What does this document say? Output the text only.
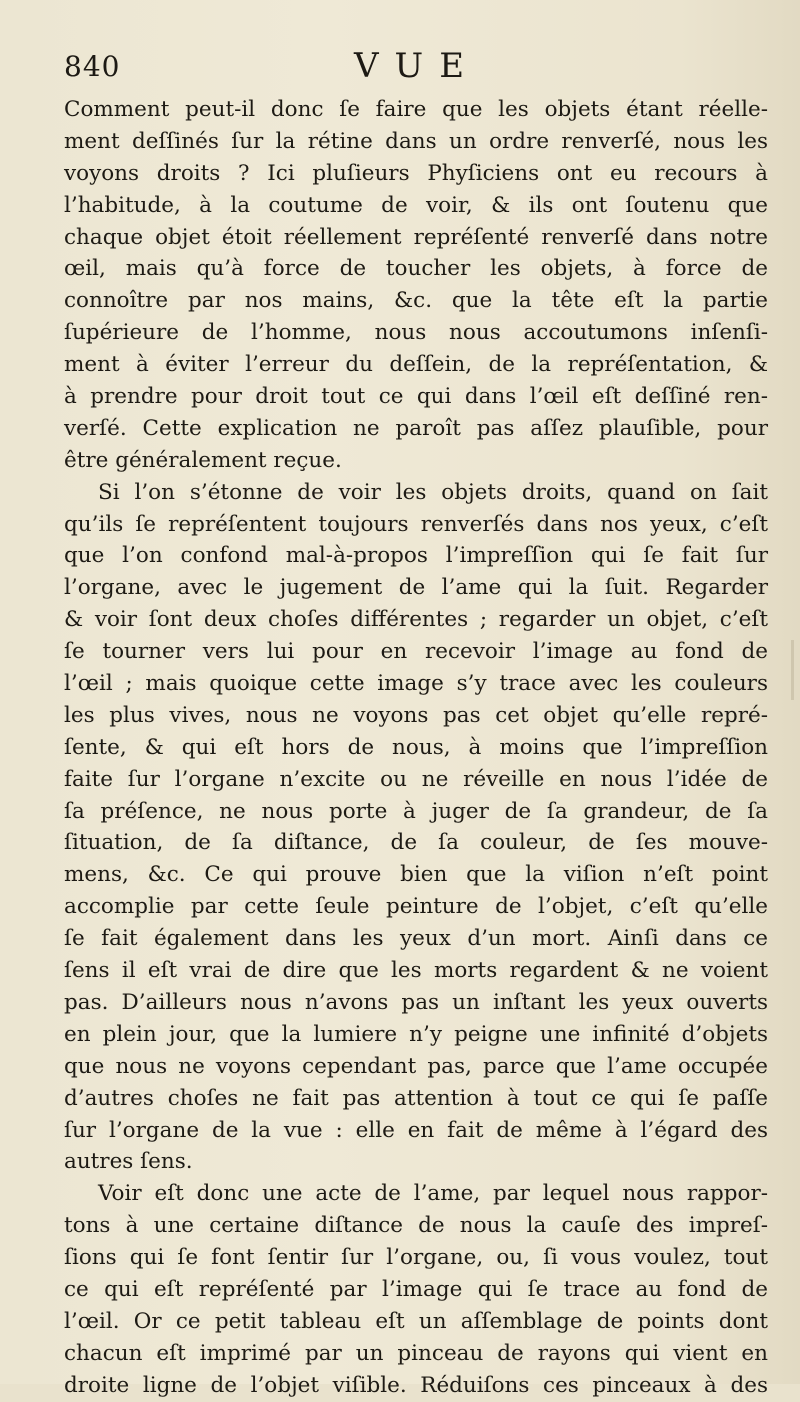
840	VUE
Comment peut-il donc ſe faire que les objets étant réelle-
ment deſſinés ſur la rétine dans un ordre renverſé, nous les
voyons droits ? Ici pluſieurs Phyſiciens ont eu recours à
l’habitude, à la coutume de voir, & ils ont ſoutenu que
chaque objet étoit réellement repréſenté renverſé dans notre
œil, mais qu’à force de toucher les objets, à force de
connoître par nos mains, &c. que la tête eſt la partie
ſupérieure de l’homme, nous nous accoutumons inſenſi-
ment à éviter l’erreur du deſſein, de la repréſentation, &
à prendre pour droit tout ce qui dans l’œil eſt deſſiné ren-
verſé. Cette explication ne paroît pas aſſez plauſible, pour
être généralement reçue.
Si l’on s’étonne de voir les objets droits, quand on ſait
qu’ils ſe repréſentent toujours renverſés dans nos yeux, c’eſt
que l’on confond mal-à-propos l’impreſſion qui ſe fait ſur
l’organe, avec le jugement de l’ame qui la ſuit. Regarder
& voir ſont deux choſes différentes ; regarder un objet, c’eſt
ſe tourner vers lui pour en recevoir l’image au fond de
l’œil ; mais quoique cette image s’y trace avec les couleurs
les plus vives, nous ne voyons pas cet objet qu’elle repré-
ſente, & qui eſt hors de nous, à moins que l’impreſſion
faite ſur l’organe n’excite ou ne réveille en nous l’idée de
ſa préſence, ne nous porte à juger de ſa grandeur, de ſa
ſituation, de ſa diſtance, de ſa couleur, de ſes mouve-
mens, &c. Ce qui prouve bien que la viſion n’eſt point
accomplie par cette ſeule peinture de l’objet, c’eſt qu’elle
ſe fait également dans les yeux d’un mort. Ainſi dans ce
ſens il eſt vrai de dire que les morts regardent & ne voient
pas. D’ailleurs nous n’avons pas un inſtant les yeux ouverts
en plein jour, que la lumiere n’y peigne une infinité d’objets
que nous ne voyons cependant pas, parce que l’ame occupée
d’autres choſes ne fait pas attention à tout ce qui ſe paſſe
ſur l’organe de la vue : elle en fait de même à l’égard des
autres ſens.
Voir eſt donc une acte de l’ame, par lequel nous rappor-
tons à une certaine diſtance de nous la cauſe des impreſ-
ſions qui ſe font ſentir ſur l’organe, ou, ſi vous voulez, tout
ce qui eſt repréſenté par l’image qui ſe trace au fond de
l’œil. Or ce petit tableau eſt un aſſemblage de points dont
chacun eſt imprimé par un pinceau de rayons qui vient en
droite ligne de l’objet viſible. Réduiſons ces pinceaux à des
